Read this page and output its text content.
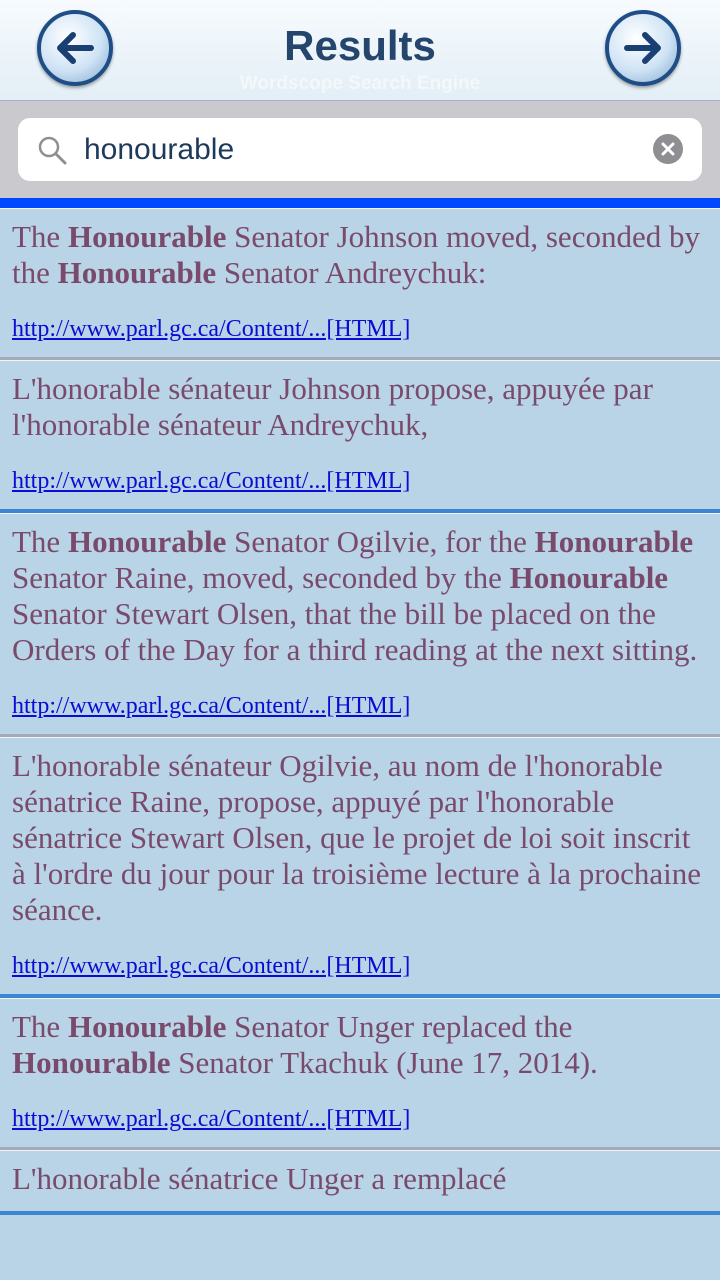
Results
Wordscope Search Engine
honourable

The Honourable Senator Johnson moved, seconded by the Honourable Senator Andreychuk:

http://www.parl.gc.ca/Content/...[HTML]

L'honorable sénateur Johnson propose, appuyée par l'honorable sénateur Andreychuk,

http://www.parl.gc.ca/Content/...[HTML]

The Honourable Senator Ogilvie, for the Honourable Senator Raine, moved, seconded by the Honourable Senator Stewart Olsen, that the bill be placed on the Orders of the Day for a third reading at the next sitting.

http://www.parl.gc.ca/Content/...[HTML]

L'honorable sénateur Ogilvie, au nom de l'honorable sénatrice Raine, propose, appuyé par l'honorable sénatrice Stewart Olsen, que le projet de loi soit inscrit à l'ordre du jour pour la troisième lecture à la prochaine séance.

http://www.parl.gc.ca/Content/...[HTML]

The Honourable Senator Unger replaced the Honourable Senator Tkachuk (June 17, 2014).

http://www.parl.gc.ca/Content/...[HTML]

L'honorable sénatrice Unger a remplacé
